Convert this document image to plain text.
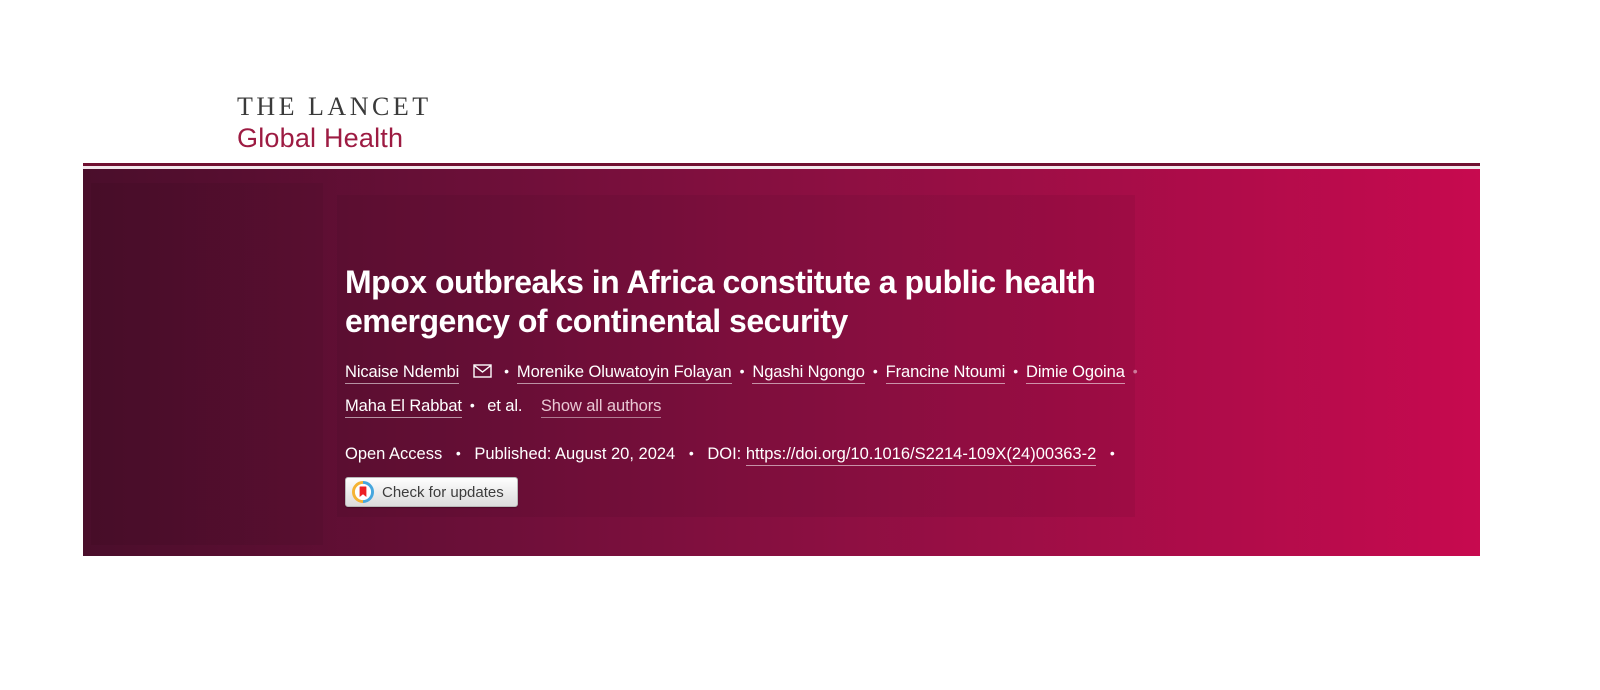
THE LANCET
Global Health
Mpox outbreaks in Africa constitute a public health emergency of continental security
Nicaise Ndembi	• Morenike Oluwatoyin Folayan • Ngashi Ngongo • Francine Ntoumi • Dimie Ogoina •
Maha El Rabbat • et al. Show all authors
Open Access • Published: August 20, 2024 • DOI: https://doi.org/10.1016/S2214-109X(24)00363-2 •
Check for updates
